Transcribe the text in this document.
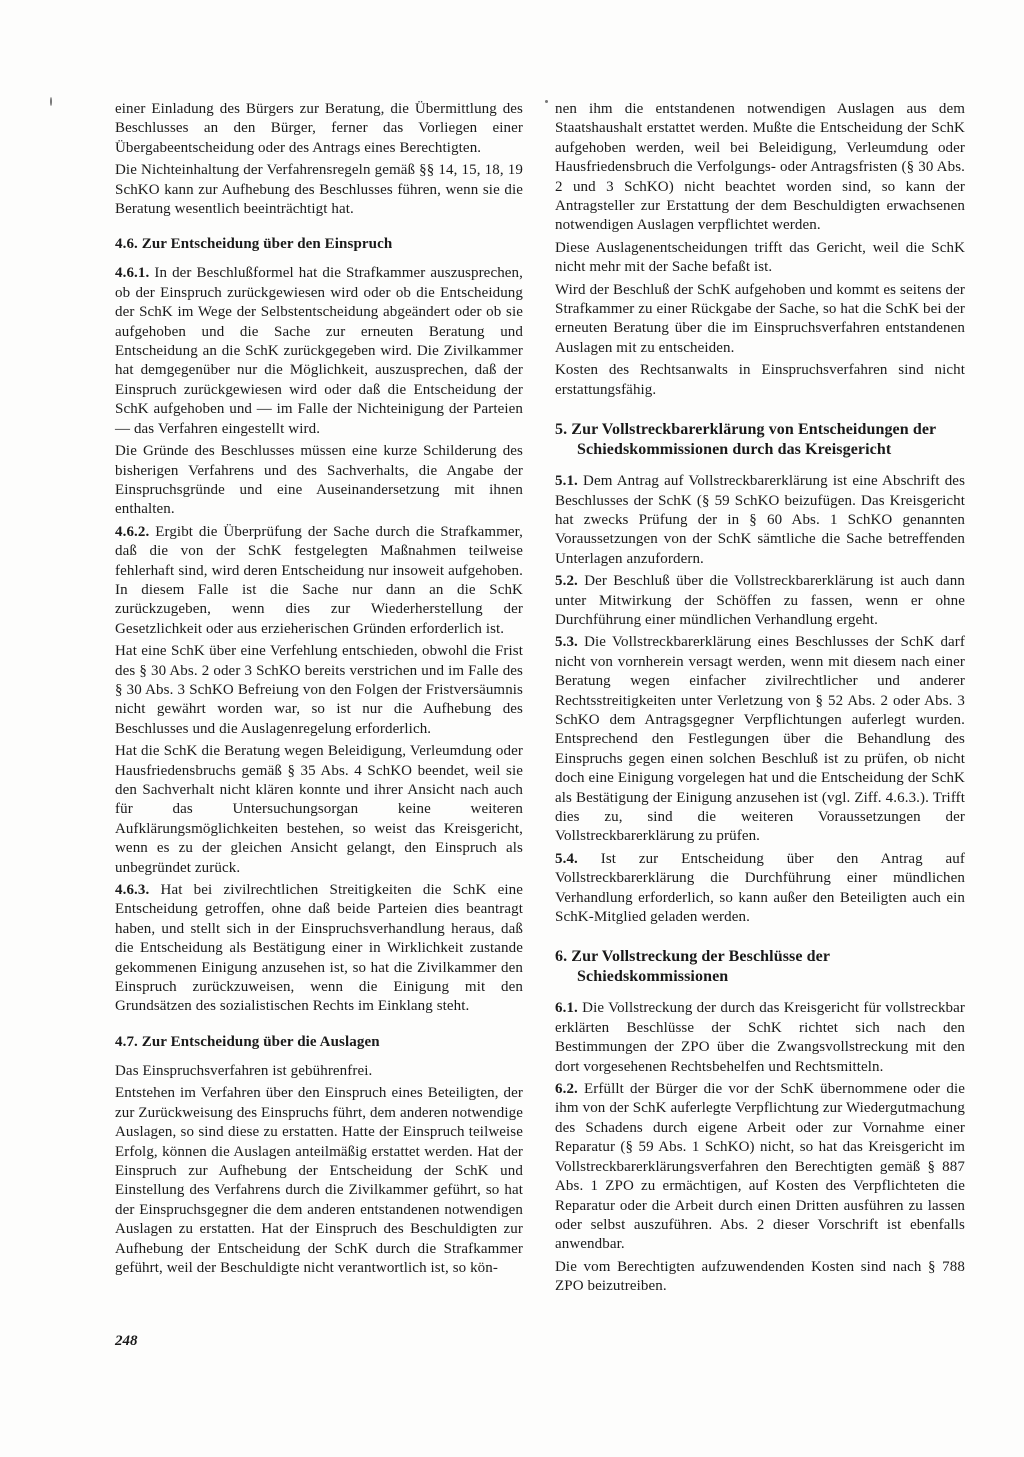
einer Einladung des Bürgers zur Beratung, die Übermittlung des Beschlusses an den Bürger, ferner das Vorliegen einer Übergabeentscheidung oder des Antrags eines Berechtigten.

Die Nichteinhaltung der Verfahrensregeln gemäß §§ 14, 15, 18, 19 SchKO kann zur Aufhebung des Beschlusses führen, wenn sie die Beratung wesentlich beeinträchtigt hat.

4.6. Zur Entscheidung über den Einspruch

4.6.1. In der Beschlußformel hat die Strafkammer auszusprechen, ob der Einspruch zurückgewiesen wird oder ob die Entscheidung der SchK im Wege der Selbstentscheidung abgeändert oder ob sie aufgehoben und die Sache zur erneuten Beratung und Entscheidung an die SchK zurückgegeben wird. Die Zivilkammer hat demgegenüber nur die Möglichkeit, auszusprechen, daß der Einspruch zurückgewiesen wird oder daß die Entscheidung der SchK aufgehoben und — im Falle der Nichteinigung der Parteien — das Verfahren eingestellt wird.

Die Gründe des Beschlusses müssen eine kurze Schilderung des bisherigen Verfahrens und des Sachverhalts, die Angabe der Einspruchsgründe und eine Auseinandersetzung mit ihnen enthalten.

4.6.2. Ergibt die Überprüfung der Sache durch die Strafkammer, daß die von der SchK festgelegten Maßnahmen teilweise fehlerhaft sind, wird deren Entscheidung nur insoweit aufgehoben. In diesem Falle ist die Sache nur dann an die SchK zurückzugeben, wenn dies zur Wiederherstellung der Gesetzlichkeit oder aus erzieherischen Gründen erforderlich ist.

Hat eine SchK über eine Verfehlung entschieden, obwohl die Frist des § 30 Abs. 2 oder 3 SchKO bereits verstrichen und im Falle des § 30 Abs. 3 SchKO Befreiung von den Folgen der Fristversäumnis nicht gewährt worden war, so ist nur die Aufhebung des Beschlusses und die Auslagenregelung erforderlich.

Hat die SchK die Beratung wegen Beleidigung, Verleumdung oder Hausfriedensbruchs gemäß § 35 Abs. 4 SchKO beendet, weil sie den Sachverhalt nicht klären konnte und ihrer Ansicht nach auch für das Untersuchungsorgan keine weiteren Aufklärungsmöglichkeiten bestehen, so weist das Kreisgericht, wenn es zu der gleichen Ansicht gelangt, den Einspruch als unbegründet zurück.

4.6.3. Hat bei zivilrechtlichen Streitigkeiten die SchK eine Entscheidung getroffen, ohne daß beide Parteien dies beantragt haben, und stellt sich in der Einspruchsverhandlung heraus, daß die Entscheidung als Bestätigung einer in Wirklichkeit zustande gekommenen Einigung anzusehen ist, so hat die Zivilkammer den Einspruch zurückzuweisen, wenn die Einigung mit den Grundsätzen des sozialistischen Rechts im Einklang steht.

4.7. Zur Entscheidung über die Auslagen

Das Einspruchsverfahren ist gebührenfrei.

Entstehen im Verfahren über den Einspruch eines Beteiligten, der zur Zurückweisung des Einspruchs führt, dem anderen notwendige Auslagen, so sind diese zu erstatten. Hatte der Einspruch teilweise Erfolg, können die Auslagen anteilmäßig erstattet werden. Hat der Einspruch zur Aufhebung der Entscheidung der SchK und Einstellung des Verfahrens durch die Zivilkammer geführt, so hat der Einspruchsgegner die dem anderen entstandenen notwendigen Auslagen zu erstatten. Hat der Einspruch des Beschuldigten zur Aufhebung der Entscheidung der SchK durch die Strafkammer geführt, weil der Beschuldigte nicht verantwortlich ist, so kön-

nen ihm die entstandenen notwendigen Auslagen aus dem Staatshaushalt erstattet werden. Mußte die Entscheidung der SchK aufgehoben werden, weil bei Beleidigung, Verleumdung oder Hausfriedensbruch die Verfolgungs- oder Antragsfristen (§ 30 Abs. 2 und 3 SchKO) nicht beachtet worden sind, so kann der Antragsteller zur Erstattung der dem Beschuldigten erwachsenen notwendigen Auslagen verpflichtet werden.

Diese Auslagenentscheidungen trifft das Gericht, weil die SchK nicht mehr mit der Sache befaßt ist.

Wird der Beschluß der SchK aufgehoben und kommt es seitens der Strafkammer zu einer Rückgabe der Sache, so hat die SchK bei der erneuten Beratung über die im Einspruchsverfahren entstandenen Auslagen mit zu entscheiden.

Kosten des Rechtsanwalts in Einspruchsverfahren sind nicht erstattungsfähig.

5. Zur Vollstreckbarerklärung von Entscheidungen der Schiedskommissionen durch das Kreisgericht

5.1. Dem Antrag auf Vollstreckbarerklärung ist eine Abschrift des Beschlusses der SchK (§ 59 SchKO beizufügen. Das Kreisgericht hat zwecks Prüfung der in § 60 Abs. 1 SchKO genannten Voraussetzungen von der SchK sämtliche die Sache betreffenden Unterlagen anzufordern.

5.2. Der Beschluß über die Vollstreckbarerklärung ist auch dann unter Mitwirkung der Schöffen zu fassen, wenn er ohne Durchführung einer mündlichen Verhandlung ergeht.

5.3. Die Vollstreckbarerklärung eines Beschlusses der SchK darf nicht von vornherein versagt werden, wenn mit diesem nach einer Beratung wegen einfacher zivilrechtlicher und anderer Rechtsstreitigkeiten unter Verletzung von § 52 Abs. 2 oder Abs. 3 SchKO dem Antragsgegner Verpflichtungen auferlegt wurden. Entsprechend den Festlegungen über die Behandlung des Einspruchs gegen einen solchen Beschluß ist zu prüfen, ob nicht doch eine Einigung vorgelegen hat und die Entscheidung der SchK als Bestätigung der Einigung anzusehen ist (vgl. Ziff. 4.6.3.). Trifft dies zu, sind die weiteren Voraussetzungen der Vollstreckbarerklärung zu prüfen.

5.4. Ist zur Entscheidung über den Antrag auf Vollstreckbarerklärung die Durchführung einer mündlichen Verhandlung erforderlich, so kann außer den Beteiligten auch ein SchK-Mitglied geladen werden.

6. Zur Vollstreckung der Beschlüsse der Schiedskommissionen

6.1. Die Vollstreckung der durch das Kreisgericht für vollstreckbar erklärten Beschlüsse der SchK richtet sich nach den Bestimmungen der ZPO über die Zwangsvollstreckung mit den dort vorgesehenen Rechtsbehelfen und Rechtsmitteln.

6.2. Erfüllt der Bürger die vor der SchK übernommene oder die ihm von der SchK auferlegte Verpflichtung zur Wiedergutmachung des Schadens durch eigene Arbeit oder zur Vornahme einer Reparatur (§ 59 Abs. 1 SchKO) nicht, so hat das Kreisgericht im Vollstreckbarerklärungsverfahren den Berechtigten gemäß § 887 Abs. 1 ZPO zu ermächtigen, auf Kosten des Verpflichteten die Reparatur oder die Arbeit durch einen Dritten ausführen zu lassen oder selbst auszuführen. Abs. 2 dieser Vorschrift ist ebenfalls anwendbar.

Die vom Berechtigten aufzuwendenden Kosten sind nach § 788 ZPO beizutreiben.

248
